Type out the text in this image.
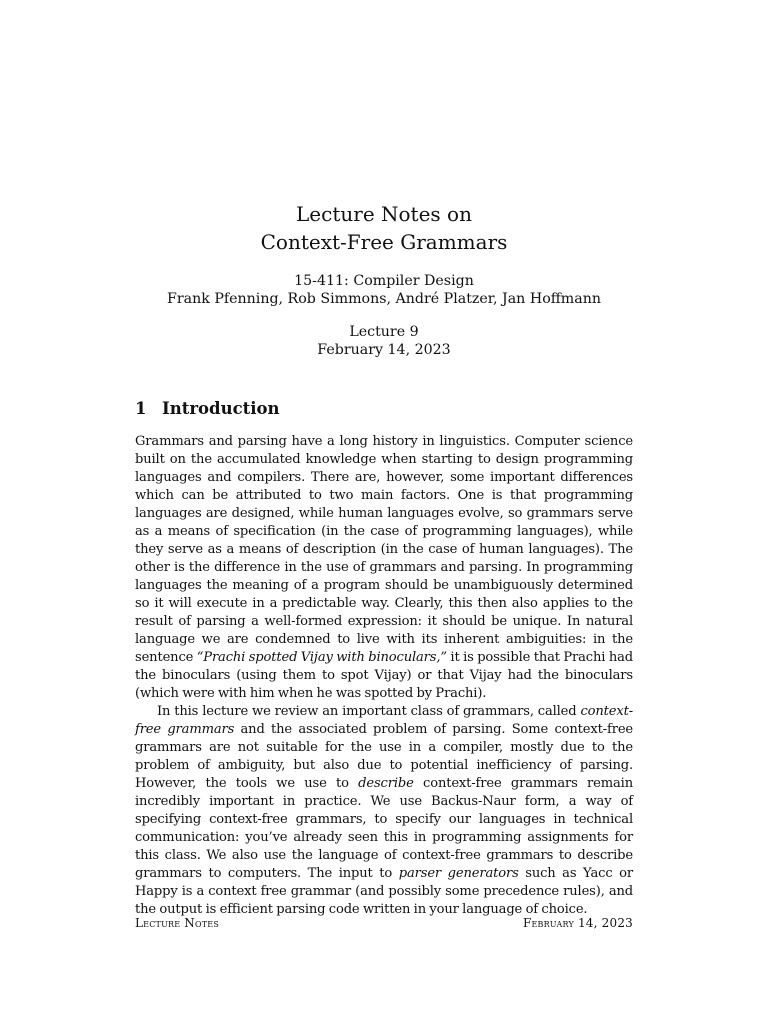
Lecture Notes on
Context-Free Grammars
15-411: Compiler Design
Frank Pfenning, Rob Simmons, André Platzer, Jan Hoffmann
Lecture 9
February 14, 2023
1 Introduction

Grammars and parsing have a long history in linguistics. Computer science built on the accumulated knowledge when starting to design programming languages and compilers. There are, however, some important differences which can be attributed to two main factors. One is that programming languages are designed, while human languages evolve, so grammars serve as a means of specification (in the case of programming languages), while they serve as a means of description (in the case of human languages). The other is the difference in the use of grammars and parsing. In programming languages the meaning of a program should be unambiguously determined so it will execute in a predictable way. Clearly, this then also applies to the result of parsing a well-formed expression: it should be unique. In natural language we are condemned to live with its inherent ambiguities: in the sentence “Prachi spotted Vijay with binoculars,” it is possible that Prachi had the binoculars (using them to spot Vijay) or that Vijay had the binoculars (which were with him when he was spotted by Prachi).

In this lecture we review an important class of grammars, called context-free grammars and the associated problem of parsing. Some context-free grammars are not suitable for the use in a compiler, mostly due to the problem of ambiguity, but also due to potential inefficiency of parsing. However, the tools we use to describe context-free grammars remain incredibly important in practice. We use Backus-Naur form, a way of specifying context-free grammars, to specify our languages in technical communication: you’ve already seen this in programming assignments for this class. We also use the language of context-free grammars to describe grammars to computers. The input to parser generators such as Yacc or Happy is a context free grammar (and possibly some precedence rules), and the output is efficient parsing code written in your language of choice.

Lecture Notes	February 14, 2023
